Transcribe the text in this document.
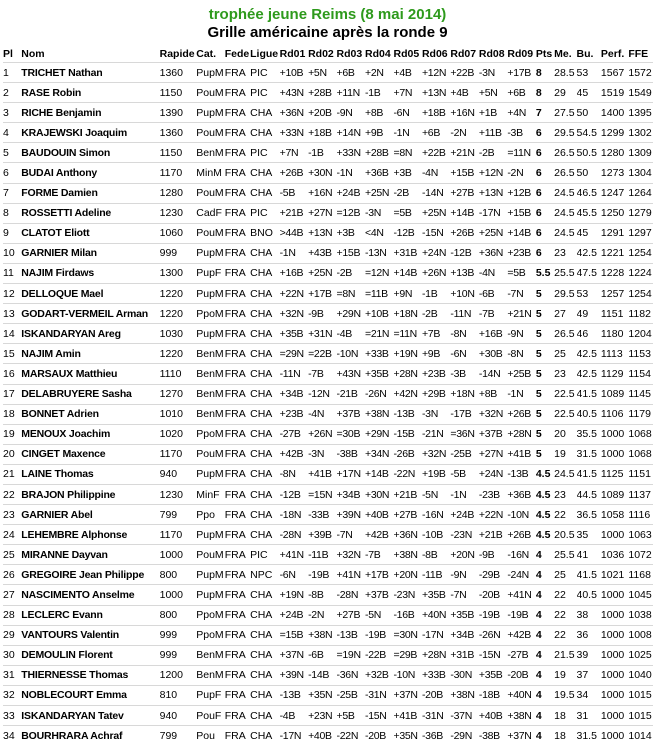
trophée jeune Reims (8 mai 2014)
Grille américaine après la ronde 9
Pl	Nom	Rapide	Cat.	Fede	Ligue	Rd01	Rd02	Rd03	Rd04	Rd05	Rd06	Rd07	Rd08	Rd09	Pts	Me.	Bu.	Perf.	FFE
1	TRICHET Nathan	1360	PupM	FRA	PIC	+10B	+5N	+6B	+2N	+4B	+12N	+22B	-3N	+17B	8	28.5	53	1567	1572
2	RASE Robin	1150	PouM	FRA	PIC	+43N	+28B	+11N	-1B	+7N	+13N	+4B	+5N	+6B	8	29	45	1519	1549
3	RICHE Benjamin	1390	PupM	FRA	CHA	+36N	+20B	-9N	+8B	-6N	+18B	+16N	+1B	+4N	7	27.5	50	1400	1395
4	KRAJEWSKI Joaquim	1360	PouM	FRA	CHA	+33N	+18B	+14N	+9B	-1N	+6B	-2N	+11B	-3B	6	29.5	54.5	1299	1302
5	BAUDOUIN Simon	1150	BenM	FRA	PIC	+7N	-1B	+33N	+28B	=8N	+22B	+21N	-2B	=11N	6	26.5	50.5	1280	1309
6	BUDAI Anthony	1170	MinM	FRA	CHA	+26B	+30N	-1N	+36B	+3B	-4N	+15B	+12N	-2N	6	26.5	50	1273	1304
7	FORME Damien	1280	PouM	FRA	CHA	-5B	+16N	+24B	+25N	-2B	-14N	+27B	+13N	+12B	6	24.5	46.5	1247	1264
8	ROSSETTI Adeline	1230	CadF	FRA	PIC	+21B	+27N	=12B	-3N	=5B	+25N	+14B	-17N	+15B	6	24.5	45.5	1250	1279
9	CLATOT Eliott	1060	PouM	FRA	BNO	>44B	+13N	+3B	<4N	-12B	-15N	+26B	+25N	+14B	6	24.5	45	1291	1297
10	GARNIER Milan	999	PupM	FRA	CHA	-1N	+43B	+15B	-13N	+31B	+24N	-12B	+36N	+23B	6	23	42.5	1221	1254
11	NAJIM Firdaws	1300	PupF	FRA	CHA	+16B	+25N	-2B	=12N	+14B	+26N	+13B	-4N	=5B	5.5	25.5	47.5	1228	1224
12	DELLOQUE Mael	1220	PupM	FRA	CHA	+22N	+17B	=8N	=11B	+9N	-1B	+10N	-6B	-7N	5	29.5	53	1257	1254
13	GODART-VERMEIL Arman	1220	PpoM	FRA	CHA	+32N	-9B	+29N	+10B	+18N	-2B	-11N	-7B	+21N	5	27	49	1151	1182
14	ISKANDARYAN Areg	1030	PupM	FRA	CHA	+35B	+31N	-4B	=21N	=11N	+7B	-8N	+16B	-9N	5	26.5	46	1180	1204
15	NAJIM Amin	1220	BenM	FRA	CHA	=29N	=22B	-10N	+33B	+19N	+9B	-6N	+30B	-8N	5	25	42.5	1113	1153
16	MARSAUX Matthieu	1110	BenM	FRA	CHA	-11N	-7B	+43N	+35B	+28N	+23B	-3B	-14N	+25B	5	23	42.5	1129	1154
17	DELABRUYERE Sasha	1270	BenM	FRA	CHA	+34B	-12N	-21B	-26N	+42N	+29B	+18N	+8B	-1N	5	22.5	41.5	1089	1145
18	BONNET Adrien	1010	BenM	FRA	CHA	+23B	-4N	+37B	+38N	-13B	-3N	-17B	+32N	+26B	5	22.5	40.5	1106	1179
19	MENOUX Joachim	1020	PpoM	FRA	CHA	-27B	+26N	=30B	+29N	-15B	-21N	=36N	+37B	+28N	5	20	35.5	1000	1068
20	CINGET Maxence	1170	PouM	FRA	CHA	+42B	-3N	-38B	+34N	-26B	+32N	-25B	+27N	+41B	5	19	31.5	1000	1068
21	LAINE Thomas	940	PupM	FRA	CHA	-8N	+41B	+17N	+14B	-22N	+19B	-5B	+24N	-13B	4.5	24.5	41.5	1125	1151
22	BRAJON Philippine	1230	MinF	FRA	CHA	-12B	=15N	+34B	+30N	+21B	-5N	-1N	-23B	+36B	4.5	23	44.5	1089	1137
23	GARNIER Abel	799	Ppo	FRA	CHA	-18N	-33B	+39N	+40B	+27B	-16N	+24B	+22N	-10N	4.5	22	36.5	1058	1116
24	LEHEMBRE Alphonse	1170	PupM	FRA	CHA	-28N	+39B	-7N	+42B	+36N	-10B	-23N	+21B	+26B	4.5	20.5	35	1000	1063
25	MIRANNE Dayvan	1000	PouM	FRA	PIC	+41N	-11B	+32N	-7B	+38N	-8B	+20N	-9B	-16N	4	25.5	41	1036	1072
26	GREGOIRE Jean Philippe	800	PupM	FRA	NPC	-6N	-19B	+41N	+17B	+20N	-11B	-9N	-29B	-24N	4	25	41.5	1021	1168
27	NASCIMENTO Anselme	1000	PupM	FRA	CHA	+19N	-8B	-28N	+37B	-23N	+35B	-7N	-20B	+41N	4	22	40.5	1000	1045
28	LECLERC Evann	800	PpoM	FRA	CHA	+24B	-2N	+27B	-5N	-16B	+40N	+35B	-19B	-19B	4	22	38	1000	1038
29	VANTOURS Valentin	999	PpoM	FRA	CHA	=15B	+38N	-13B	-19B	=30N	-17N	+34B	-26N	+42B	4	22	36	1000	1008
30	DEMOULIN Florent	999	BenM	FRA	CHA	+37N	-6B	=19N	-22B	=29B	+28N	+31B	-15N	-27B	4	21.5	39	1000	1025
31	THIERNESSE Thomas	1200	BenM	FRA	CHA	+39N	-14B	-36N	+32B	-10N	+33B	-30N	+35B	-20B	4	19	37	1000	1040
32	NOBLECOURT Emma	810	PupF	FRA	CHA	-13B	+35N	-25B	-31N	+37N	-20B	+38N	-18B	+40N	4	19.5	34	1000	1015
33	ISKANDARYAN Tatev	940	PouF	FRA	CHA	-4B	+23N	+5B	-15N	+41B	-31N	-37N	+40B	+38N	4	18	31	1000	1015
34	BOURHRARA Achraf	799	Pou	FRA	CHA	-17N	+40B	-22N	-20B	+35N	-36B	-29N	-38B	+37N	4	18	31.5	1000	1014
